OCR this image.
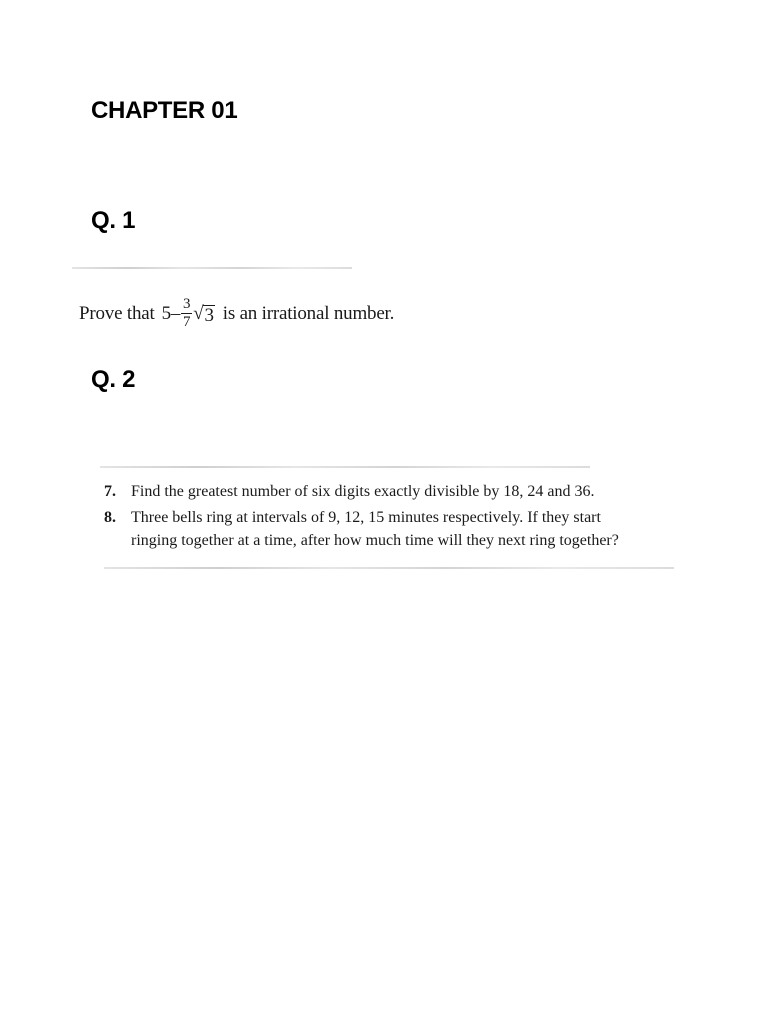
CHAPTER 01
Q. 1
Prove that $5 - \frac{3}{7}$ √ 3 is an irrational number.
Q. 2
7. Find the greatest number of six digits exactly divisible by 18, 24 and 36.
8. Three bells ring at intervals of 9, 12, 15 minutes respectively. If they start
ringing together at a time, after how much time will they next ring together?
